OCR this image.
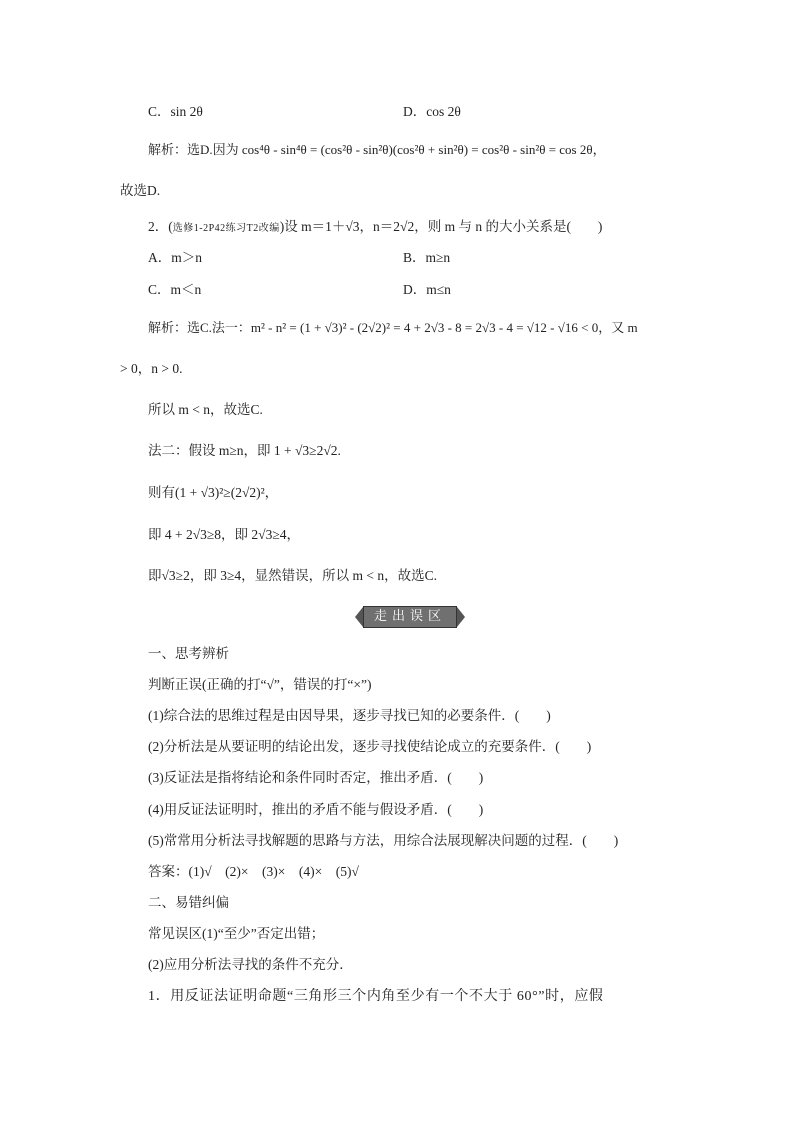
C．sin 2θ	D．cos 2θ
解析：选D.因为 cos⁴θ - sin⁴θ = (cos²θ - sin²θ)(cos²θ + sin²θ) = cos²θ - sin²θ = cos 2θ，
故选D.
2．(选修1-2P42练习T2改编)设 m＝1＋√3，n＝2√2，则 m 与 n 的大小关系是(　　)
A．m＞n	B．m≥n
C．m＜n	D．m≤n
解析：选C.法一：m² - n² = (1 + √3)² - (2√2)² = 4 + 2√3 - 8 = 2√3 - 4 = √12 - √16 < 0，又 m
> 0，n > 0.
所以 m < n，故选C.
法二：假设 m≥n，即 1 + √3≥2√2.
则有(1 + √3)²≥(2√2)²，
即 4 + 2√3≥8，即 2√3≥4，
即√3≥2，即 3≥4，显然错误，所以 m < n，故选C.
走出误区
一、思考辨析
判断正误(正确的打“√”，错误的打“×”)
(1)综合法的思维过程是由因导果，逐步寻找已知的必要条件．(　　)
(2)分析法是从要证明的结论出发，逐步寻找使结论成立的充要条件．(　　)
(3)反证法是指将结论和条件同时否定，推出矛盾．(　　)
(4)用反证法证明时，推出的矛盾不能与假设矛盾．(　　)
(5)常常用分析法寻找解题的思路与方法，用综合法展现解决问题的过程．(　　)
答案：(1)√　(2)×　(3)×　(4)×　(5)√
二、易错纠偏
常见误区(1)“至少”否定出错；
(2)应用分析法寻找的条件不充分．
1．用反证法证明命题“三角形三个内角至少有一个不大于 60°”时，应假
